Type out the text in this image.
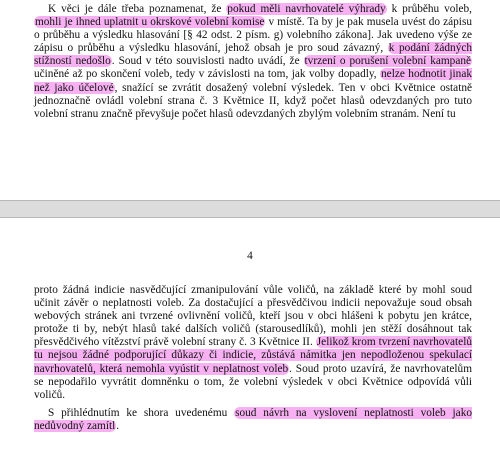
K věci je dále třeba poznamenat, že pokud měli navrhovatelé výhrady k průběhu voleb, mohli je ihned uplatnit u okrskové volební komise v místě. Ta by je pak musela uvést do zápisu o průběhu a výsledku hlasování [§ 42 odst. 2 písm. g) volebního zákona]. Jak uvedeno výše ze zápisu o průběhu a výsledku hlasování, jehož obsah je pro soud závazný, k podání žádných stížností nedošlo. Soud v této souvislosti nadto uvádí, že tvrzení o porušení volební kampaně učiněné až po skončení voleb, tedy v závislosti na tom, jak volby dopadly, nelze hodnotit jinak než jako účelové, snažící se zvrátit dosažený volební výsledek. Ten v obci Květnice ostatně jednoznačně ovládl volební strana č. 3 Květnice II, když počet hlasů odevzdaných pro tuto volební stranu značně převyšuje počet hlasů odevzdaných zbylým volebním stranám. Není tu

4

proto žádná indicie nasvědčující zmanipulování vůle voličů, na základě které by mohl soud učinit závěr o neplatnosti voleb. Za dostačující a přesvědčivou indicii nepovažuje soud obsah webových stránek ani tvrzené ovlivnění voličů, kteří jsou v obci hlášeni k pobytu jen krátce, protože ti by, nebýt hlasů také dalších voličů (starousedlíků), mohli jen stěží dosáhnout tak přesvědčivého vítězství právě volební strany č. 3 Květnice II. Jelikož krom tvrzení navrhovatelů tu nejsou žádné podporující důkazy či indicie, zůstává námitka jen nepodloženou spekulací navrhovatelů, která nemohla vyústit v neplatnost voleb. Soud proto uzavírá, že navrhovatelům se nepodařilo vyvrátit domněnku o tom, že volební výsledek v obci Květnice odpovídá vůli voličů.

S přihlédnutím ke shora uvedenému soud návrh na vyslovení neplatnosti voleb jako nedůvodný zamítl.
